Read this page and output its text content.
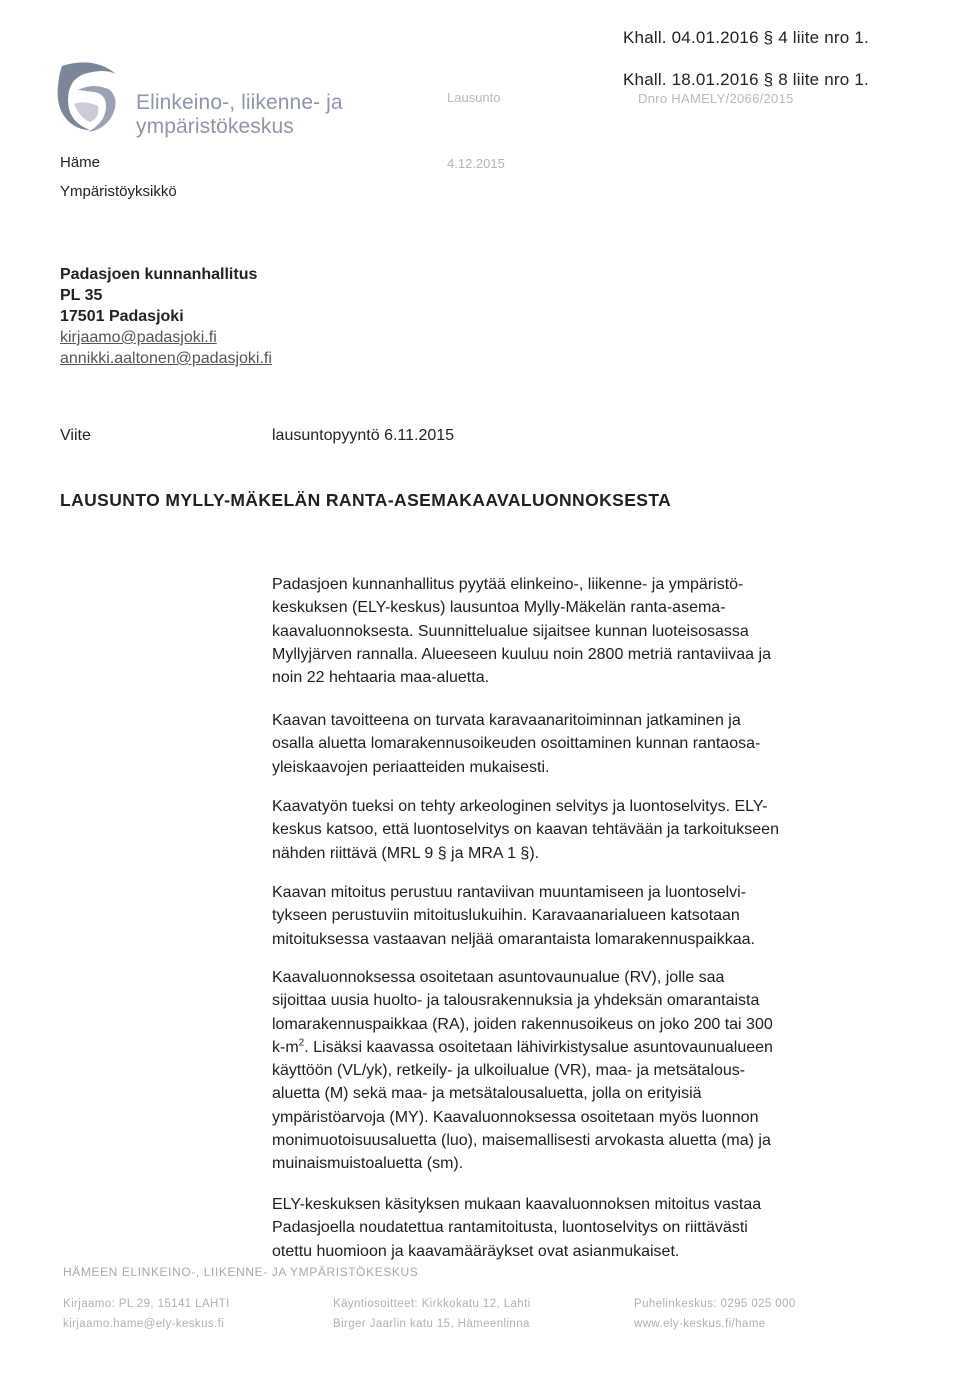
Khall. 04.01.2016 § 4 liite nro 1.
Khall. 18.01.2016 § 8 liite nro 1.
Elinkeino-, liikenne- ja
ympäristökeskus
Lausunto	Dnro HAMELY/2066/2015
Häme	4.12.2015
Ympäristöyksikkö
Padasjoen kunnanhallitus
PL 35
17501 Padasjoki
kirjaamo@padasjoki.fi
annikki.aaltonen@padasjoki.fi
Viite	lausuntopyyntö 6.11.2015
LAUSUNTO MYLLY-MÄKELÄN RANTA-ASEMAKAAVALUONNOKSESTA
Padasjoen kunnanhallitus pyytää elinkeino-, liikenne- ja ympäristö-
keskuksen (ELY-keskus) lausuntoa Mylly-Mäkelän ranta-asema-
kaavaluonnoksesta. Suunnittelualue sijaitsee kunnan luoteisosassa
Myllyjärven rannalla. Alueeseen kuuluu noin 2800 metriä rantaviivaa ja
noin 22 hehtaaria maa-aluetta.
Kaavan tavoitteena on turvata karavaanaritoiminnan jatkaminen ja
osalla aluetta lomarakennusoikeuden osoittaminen kunnan rantaosa-
yleiskaavojen periaatteiden mukaisesti.
Kaavatyön tueksi on tehty arkeologinen selvitys ja luontoselvitys. ELY-
keskus katsoo, että luontoselvitys on kaavan tehtävään ja tarkoitukseen
nähden riittävä (MRL 9 § ja MRA 1 §).
Kaavan mitoitus perustuu rantaviivan muuntamiseen ja luontoselvi-
tykseen perustuviin mitoituslukuihin. Karavaanarialueen katsotaan
mitoituksessa vastaavan neljää omarantaista lomarakennuspaikkaa.
Kaavaluonnoksessa osoitetaan asuntovaunualue (RV), jolle saa
sijoittaa uusia huolto- ja talousrakennuksia ja yhdeksän omarantaista
lomarakennuspaikkaa (RA), joiden rakennusoikeus on joko 200 tai 300
$k-m^2$. Lisäksi kaavassa osoitetaan lähivirkistysalue asuntovaunualueen
käyttöön (VL/yk), retkeily- ja ulkoilualue (VR), maa- ja metsätalous-
aluetta (M) sekä maa- ja metsätalousaluetta, jolla on erityisiä
ympäristöarvoja (MY). Kaavaluonnoksessa osoitetaan myös luonnon
monimuotoisuusaluetta (luo), maisemallisesti arvokasta aluetta (ma) ja
muinaismuistoaluetta (sm).
ELY-keskuksen käsityksen mukaan kaavaluonnoksen mitoitus vastaa
Padasjoella noudatettua rantamitoitusta, luontoselvitys on riittävästi
otettu huomioon ja kaavamääräykset ovat asianmukaiset.
HÄMEEN ELINKEINO-, LIIKENNE- JA YMPÄRISTÖKESKUS
Kirjaamo: PL 29, 15141 LAHTI
kirjaamo.hame@ely-keskus.fi
Käyntiosoitteet: Kirkkokatu 12, Lahti
Birger Jaarlin katu 15, Hämeenlinna
Puhelinkeskus: 0295 025 000
www.ely-keskus.fi/hame
